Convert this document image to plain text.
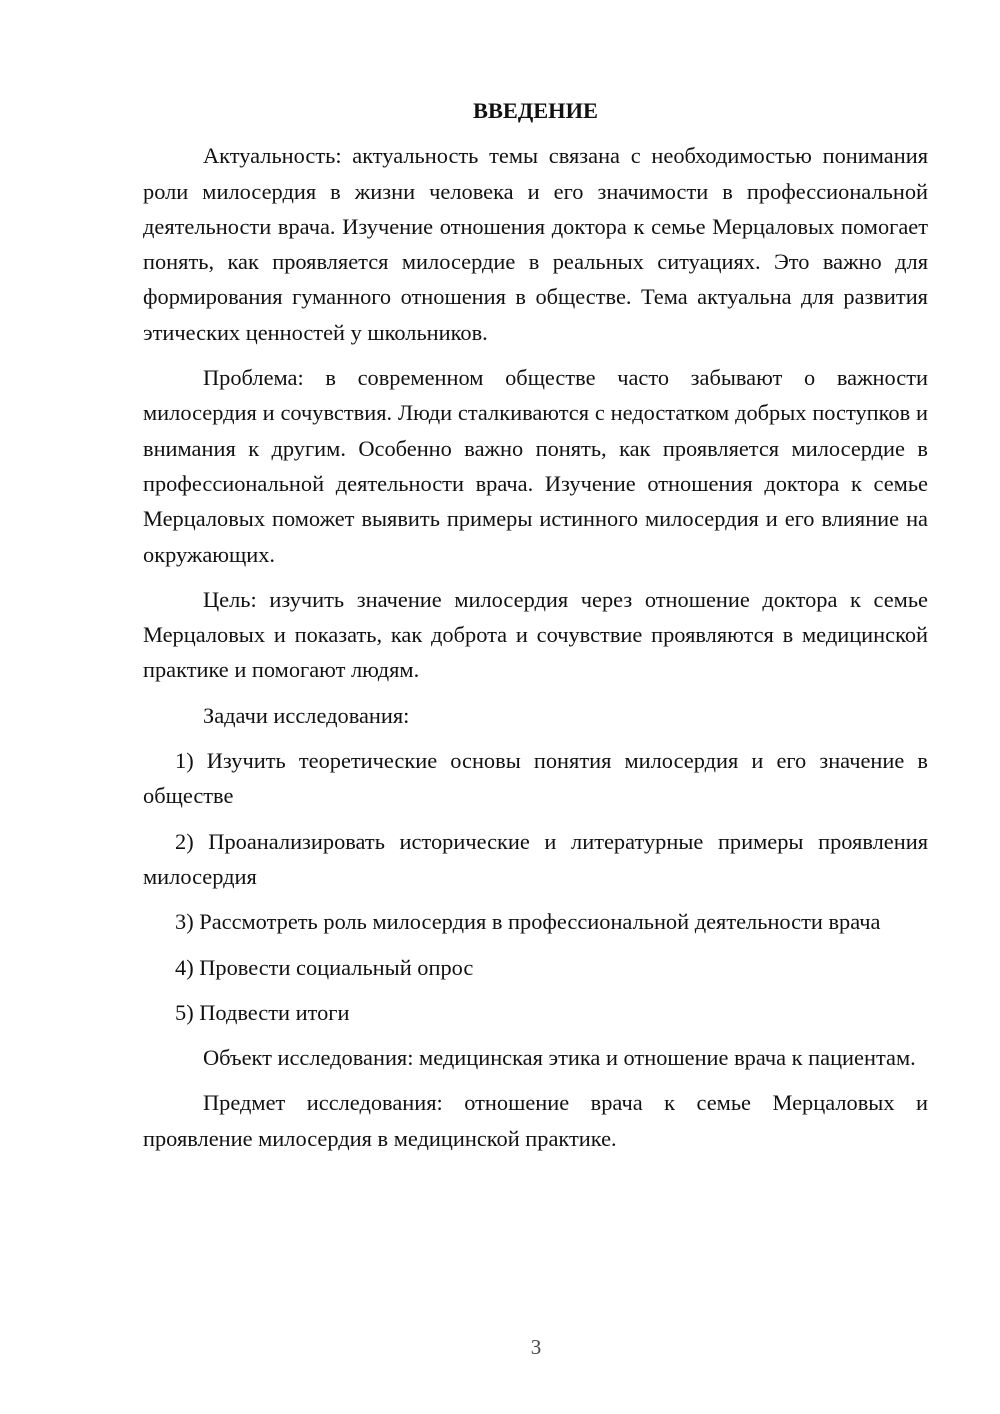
ВВЕДЕНИЕ

Актуальность: актуальность темы связана с необходимостью понимания роли милосердия в жизни человека и его значимости в профессиональной деятельности врача. Изучение отношения доктора к семье Мерцаловых помогает понять, как проявляется милосердие в реальных ситуациях. Это важно для формирования гуманного отношения в обществе. Тема актуальна для развития этических ценностей у школьников.

Проблема: в современном обществе часто забывают о важности милосердия и сочувствия. Люди сталкиваются с недостатком добрых поступков и внимания к другим. Особенно важно понять, как проявляется милосердие в профессиональной деятельности врача. Изучение отношения доктора к семье Мерцаловых поможет выявить примеры истинного милосердия и его влияние на окружающих.

Цель: изучить значение милосердия через отношение доктора к семье Мерцаловых и показать, как доброта и сочувствие проявляются в медицинской практике и помогают людям.

Задачи исследования:

1) Изучить теоретические основы понятия милосердия и его значение в обществе

2) Проанализировать исторические и литературные примеры проявления милосердия

3) Рассмотреть роль милосердия в профессиональной деятельности врача

4) Провести социальный опрос

5) Подвести итоги

Объект исследования: медицинская этика и отношение врача к пациентам.

Предмет исследования: отношение врача к семье Мерцаловых и проявление милосердия в медицинской практике.

3
